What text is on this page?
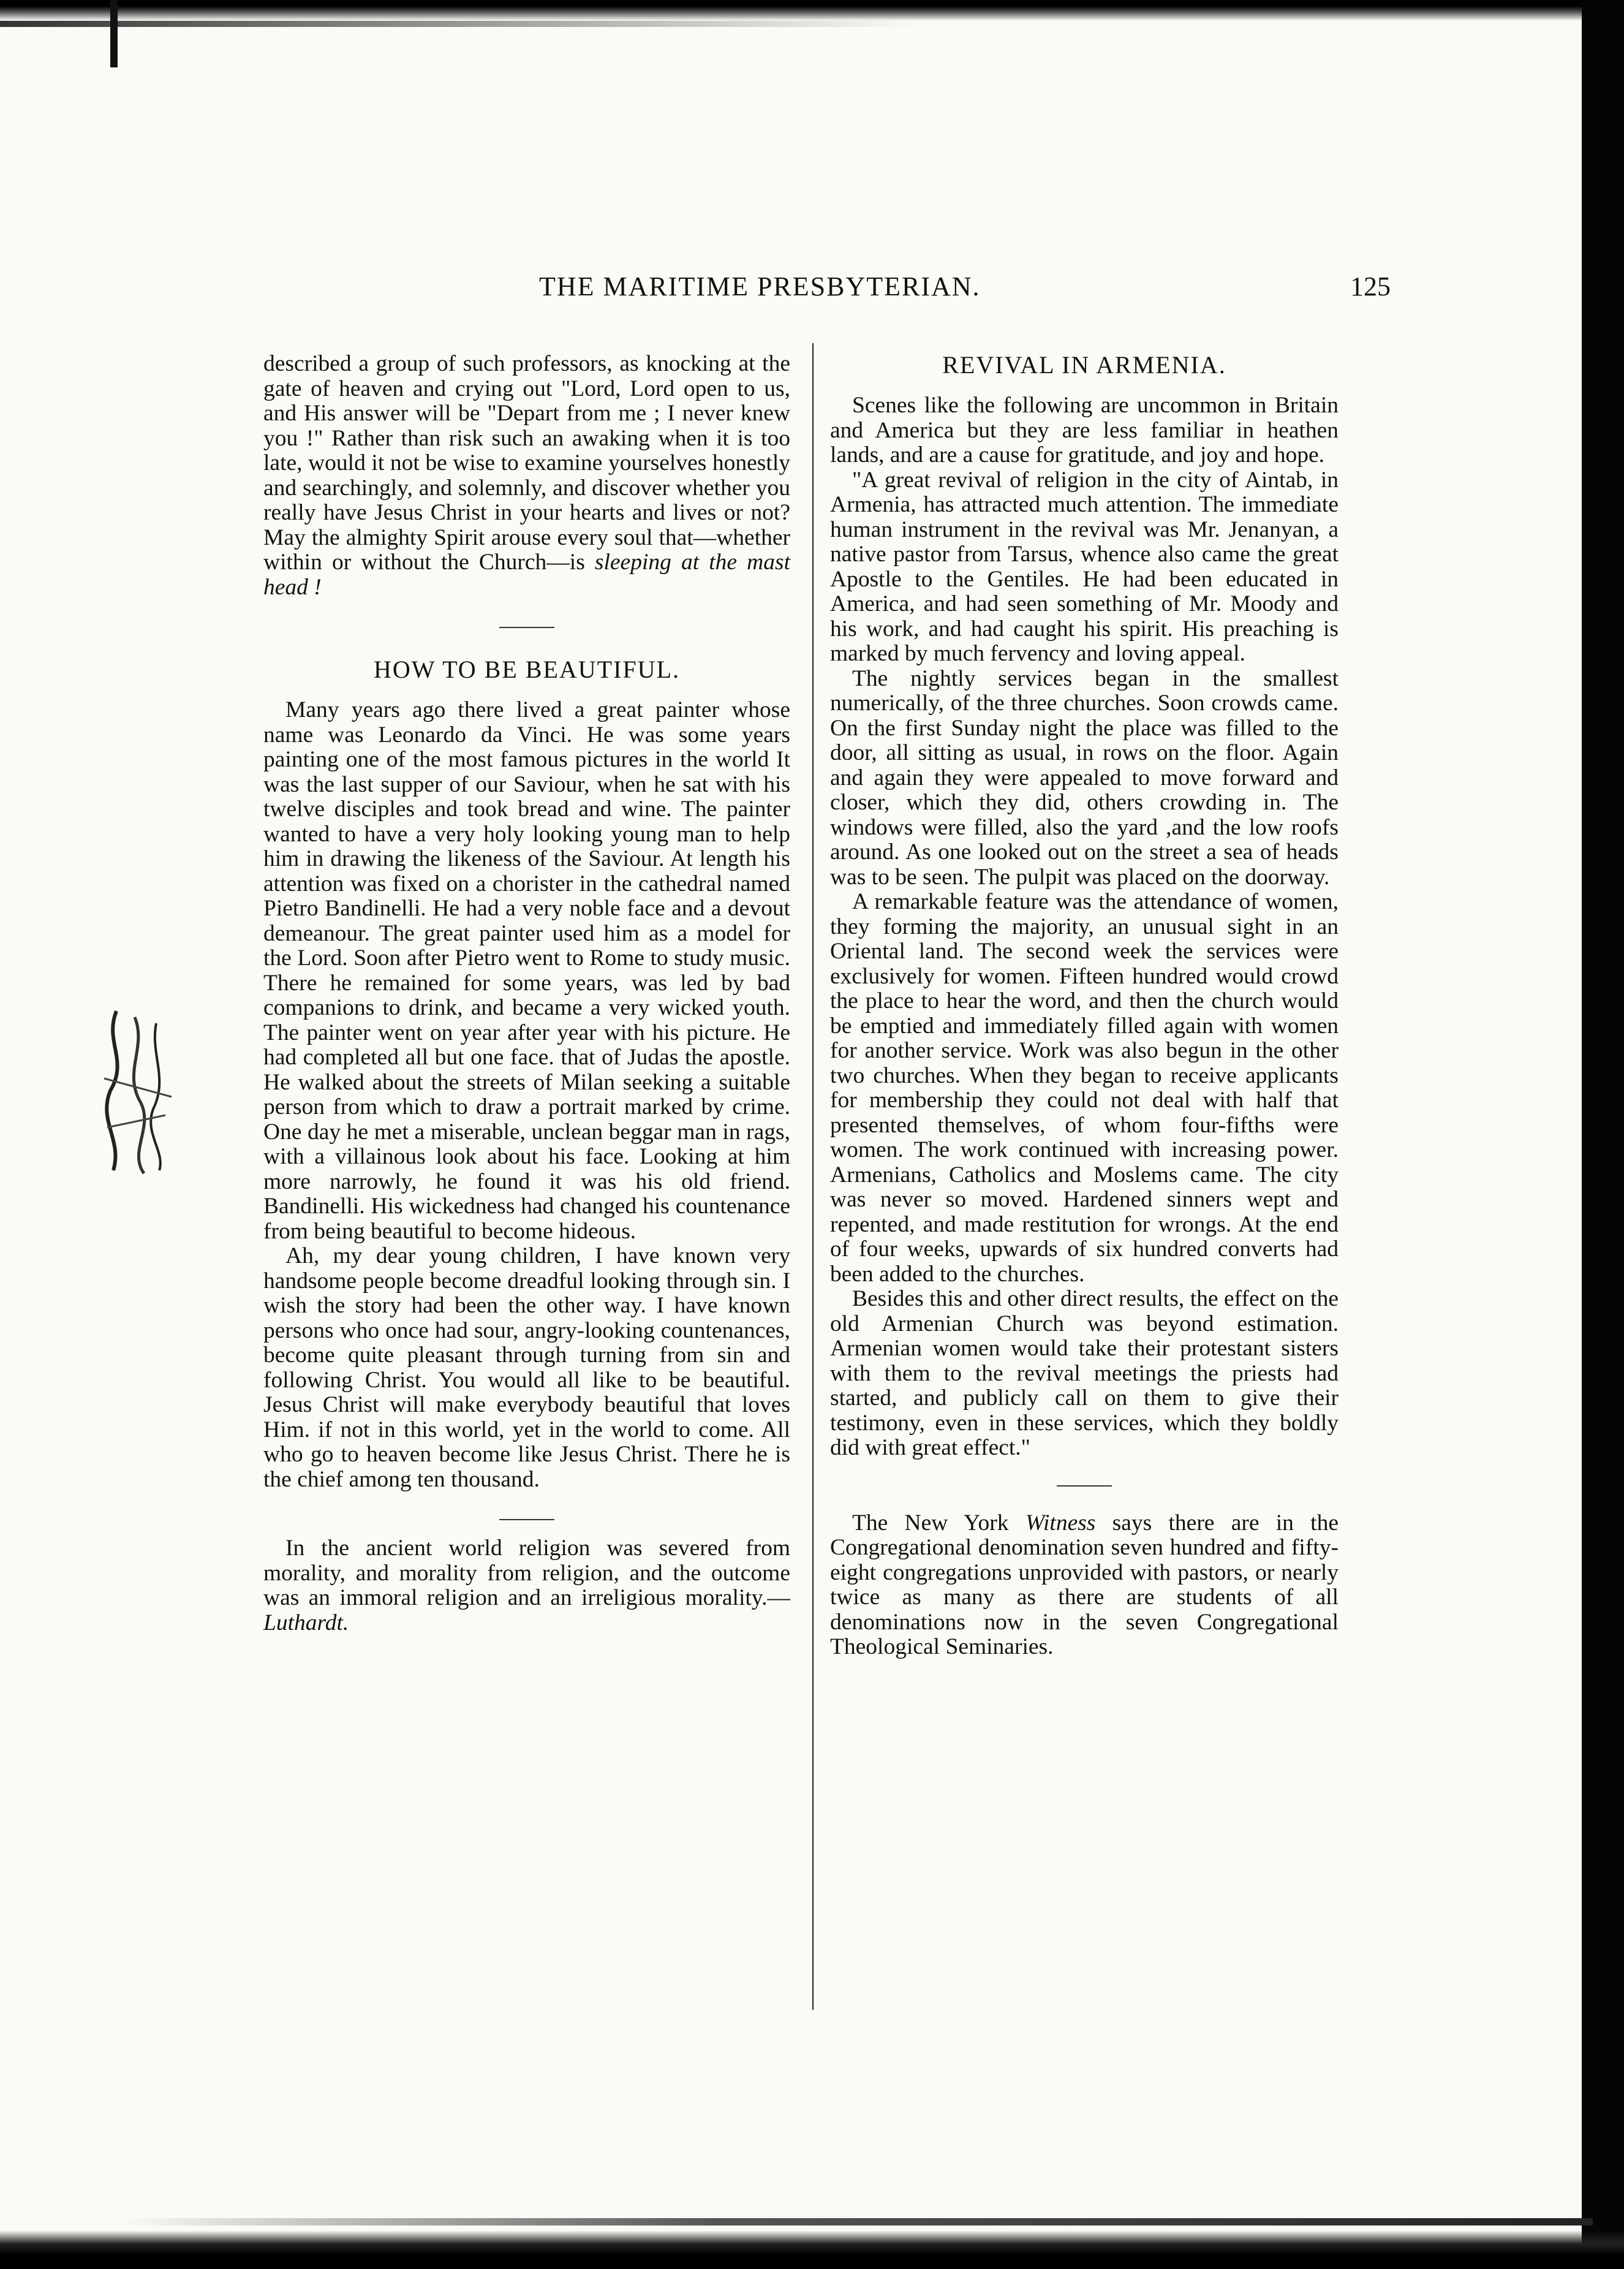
THE MARITIME PRESBYTERIAN.	125

described a group of such professors, as knocking at the gate of heaven and crying out "Lord, Lord open to us, and His answer will be "Depart from me ; I never knew you !" Rather than risk such an awaking when it is too late, would it not be wise to examine yourselves honestly and searchingly, and solemnly, and discover whether you really have Jesus Christ in your hearts and lives or not? May the almighty Spirit arouse every soul that—whether within or without the Church—is sleeping at the mast head !

HOW TO BE BEAUTIFUL.

Many years ago there lived a great painter whose name was Leonardo da Vinci. He was some years painting one of the most famous pictures in the world It was the last supper of our Saviour, when he sat with his twelve disciples and took bread and wine. The painter wanted to have a very holy looking young man to help him in drawing the likeness of the Saviour. At length his attention was fixed on a chorister in the cathedral named Pietro Bandinelli. He had a very noble face and a devout demeanour. The great painter used him as a model for the Lord. Soon after Pietro went to Rome to study music. There he remained for some years, was led by bad companions to drink, and became a very wicked youth. The painter went on year after year with his picture. He had completed all but one face. that of Judas the apostle. He walked about the streets of Milan seeking a suitable person from which to draw a portrait marked by crime. One day he met a miserable, unclean beggar man in rags, with a villainous look about his face. Looking at him more narrowly, he found it was his old friend. Bandinelli. His wickedness had changed his countenance from being beautiful to become hideous.

Ah, my dear young children, I have known very handsome people become dreadful looking through sin. I wish the story had been the other way. I have known persons who once had sour, angry-looking countenances, become quite pleasant through turning from sin and following Christ. You would all like to be beautiful. Jesus Christ will make everybody beautiful that loves Him. if not in this world, yet in the world to come. All who go to heaven become like Jesus Christ. There he is the chief among ten thousand.

In the ancient world religion was severed from morality, and morality from religion, and the outcome was an immoral religion and an irreligious morality.—Luthardt.

REVIVAL IN ARMENIA.

Scenes like the following are uncommon in Britain and America but they are less familiar in heathen lands, and are a cause for gratitude, and joy and hope.

"A great revival of religion in the city of Aintab, in Armenia, has attracted much attention. The immediate human instrument in the revival was Mr. Jenanyan, a native pastor from Tarsus, whence also came the great Apostle to the Gentiles. He had been educated in America, and had seen something of Mr. Moody and his work, and had caught his spirit. His preaching is marked by much fervency and loving appeal.

The nightly services began in the smallest numerically, of the three churches. Soon crowds came. On the first Sunday night the place was filled to the door, all sitting as usual, in rows on the floor. Again and again they were appealed to move forward and closer, which they did, others crowding in. The windows were filled, also the yard ,and the low roofs around. As one looked out on the street a sea of heads was to be seen. The pulpit was placed on the doorway.

A remarkable feature was the attendance of women, they forming the majority, an unusual sight in an Oriental land. The second week the services were exclusively for women. Fifteen hundred would crowd the place to hear the word, and then the church would be emptied and immediately filled again with women for another service. Work was also begun in the other two churches. When they began to receive applicants for membership they could not deal with half that presented themselves, of whom four-fifths were women. The work continued with increasing power. Armenians, Catholics and Moslems came. The city was never so moved. Hardened sinners wept and repented, and made restitution for wrongs. At the end of four weeks, upwards of six hundred converts had been added to the churches.

Besides this and other direct results, the effect on the old Armenian Church was beyond estimation. Armenian women would take their protestant sisters with them to the revival meetings the priests had started, and publicly call on them to give their testimony, even in these services, which they boldly did with great effect."

The New York Witness says there are in the Congregational denomination seven hundred and fifty-eight congregations unprovided with pastors, or nearly twice as many as there are students of all denominations now in the seven Congregational Theological Seminaries.
